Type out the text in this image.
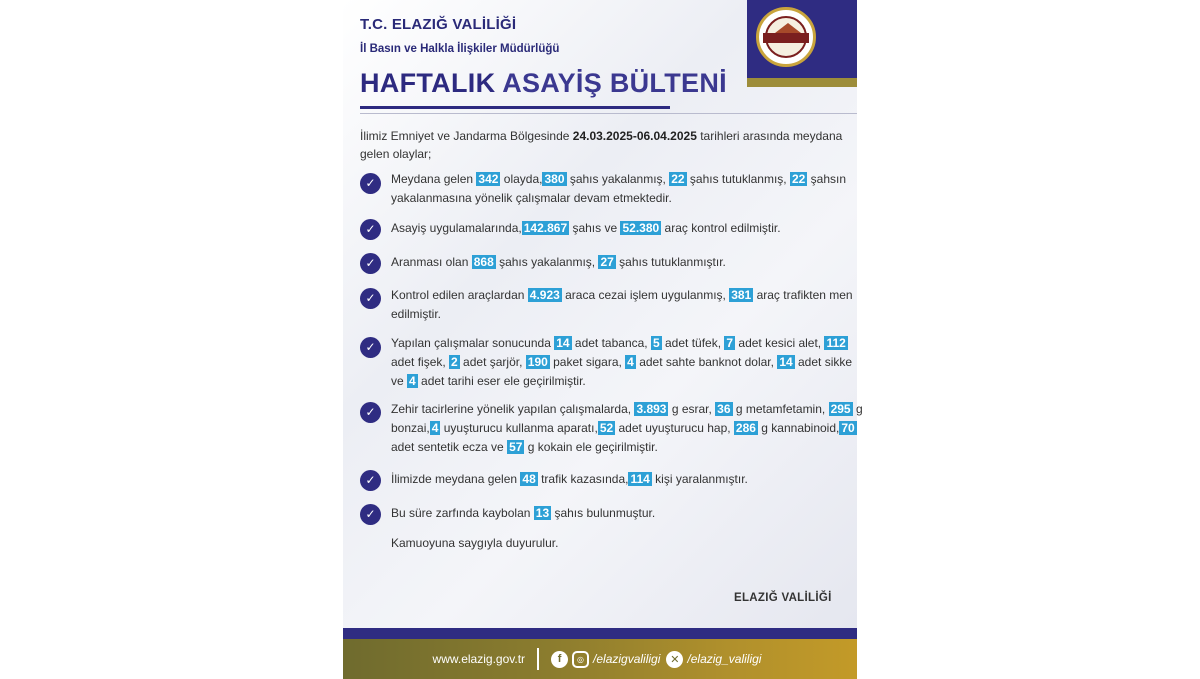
T.C. ELAZIĞ VALİLİĞİ
İl Basın ve Halkla İlişkiler Müdürlüğü
HAFTALIK ASAYİŞ BÜLTENİ
İlimiz Emniyet ve Jandarma Bölgesinde 24.03.2025-06.04.2025 tarihleri arasında meydana gelen olaylar;
✓	Meydana gelen 342 olayda, 380 şahıs yakalanmış, 22 şahıs tutuklanmış, 22 şahsın yakalanmasına yönelik çalışmalar devam etmektedir.
✓	Asayiş uygulamalarında, 142.867 şahıs ve 52.380 araç kontrol edilmiştir.
✓	Aranması olan 868 şahıs yakalanmış, 27 şahıs tutuklanmıştır.
✓	Kontrol edilen araçlardan 4.923 araca cezai işlem uygulanmış, 381 araç trafikten men edilmiştir.
✓	Yapılan çalışmalar sonucunda 14 adet tabanca, 5 adet tüfek, 7 adet kesici alet, 112 adet fişek, 2 adet şarjör, 190 paket sigara, 4 adet sahte banknot dolar, 14 adet sikke ve 4 adet tarihi eser ele geçirilmiştir.
✓	Zehir tacirlerine yönelik yapılan çalışmalarda, 3.893 g esrar, 36 g metamfetamin, 295 g bonzai, 4 uyuşturucu kullanma aparatı, 52 adet uyuşturucu hap, 286 g kannabinoid, 70 adet sentetik ecza ve 57 g kokain ele geçirilmiştir.
✓	İlimizde meydana gelen 48 trafik kazasında, 114 kişi yaralanmıştır.
✓	Bu süre zarfında kaybolan 13 şahıs bulunmuştur.
Kamuoyuna saygıyla duyurulur.
ELAZIĞ VALİLİĞİ
www.elazig.gov.tr	f	◎ /elazigvaliligi ✕ /elazig_valiligi
